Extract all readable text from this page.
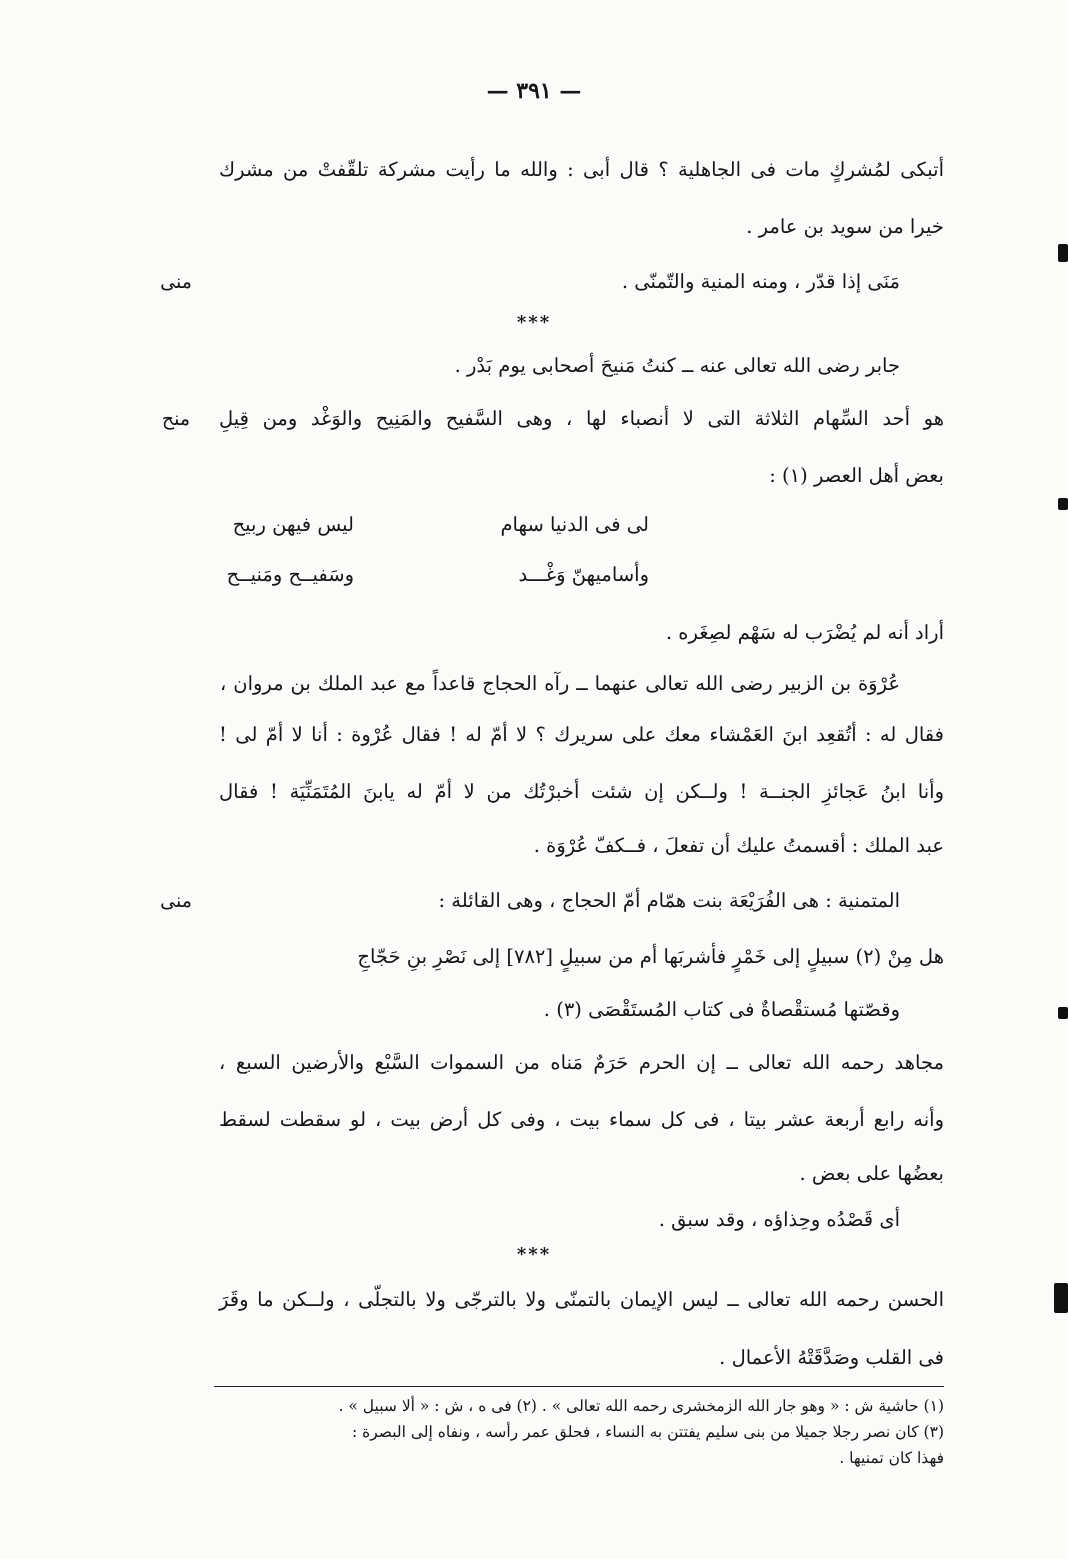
— ٣٩١ —
أتبكى لمُشركٍ مات فى الجاهلية ؟ قال أبى : والله ما رأيت مشركة تلقّفتْ من مشرك
خيرا من سويد بن عامر .
مَنَى إذا قدّر ، ومنه المنية والتّمنّى .
منى
***
جابر رضى الله تعالى عنه ــ كنتُ مَنيحَ أصحابى يوم بَدْر .
هو أحد السِّهام الثلاثة التى لا أنصباء لها ، وهى السَّفيح والمَنِيح والوَغْد ومن قِيلِ
منح
بعض أهل العصر (١) :
لى فى الدنيا سهام
ليس فيهن ربيح
وأساميهنّ وَغْـــد
وسَفيــح ومَنيــح
أراد أنه لم يُضْرَب له سَهْم لصِغَره .
عُرْوَة بن الزبير رضى الله تعالى عنهما ــ رآه الحجاج قاعداً مع عبد الملك بن مروان ،
فقال له : أتُقعِد ابنَ العَمْشاء معك على سريرك ؟ لا أمّ له ! فقال عُرْوة : أنا لا أمّ لى !
وأنا ابنُ عَجائزِ الجنــة ! ولــكن إن شئت أخبرْتُك من لا أمّ له يابنَ المُتَمَنِّيَة ! فقال
عبد الملك : أقسمتُ عليك أن تفعلَ ، فــكفّ عُرْوَة .
المتمنية : هى الفُرَيْعَة بنت همّام أمّ الحجاج ، وهى القائلة :
منى
هل مِنْ (٢) سبيلٍ إلى خَمْرٍ فأشربَها أم من سبيلٍ [٧٨٢] إلى نَصْرِ بنِ حَجّاجِ
وقصّتها مُستقْصاةٌ فى كتاب المُستَقْصَى (٣) .
مجاهد رحمه الله تعالى ــ إن الحرم حَرَمٌ مَناه من السموات السَّبْع والأرضين السبع ،
وأنه رابع أربعة عشر بيتا ، فى كل سماء بيت ، وفى كل أرض بيت ، لو سقطت لسقط
بعضُها على بعض .
أى قَصْدُه وحِذاؤه ، وقد سبق .
***
الحسن رحمه الله تعالى ــ ليس الإيمان بالتمنّى ولا بالترجّى ولا بالتجلّى ، ولــكن ما وقَرَ
فى القلب وصَدَّقَتْهُ الأعمال .
(١) حاشية ش : « وهو جار الله الزمخشرى رحمه الله تعالى » . (٢) فى ه ، ش : « ألا سبيل » .
(٣) كان نصر رجلا جميلا من بنى سليم يفتتن به النساء ، فحلق عمر رأسه ، ونفاه إلى البصرة :
فهذا كان تمنيها .
